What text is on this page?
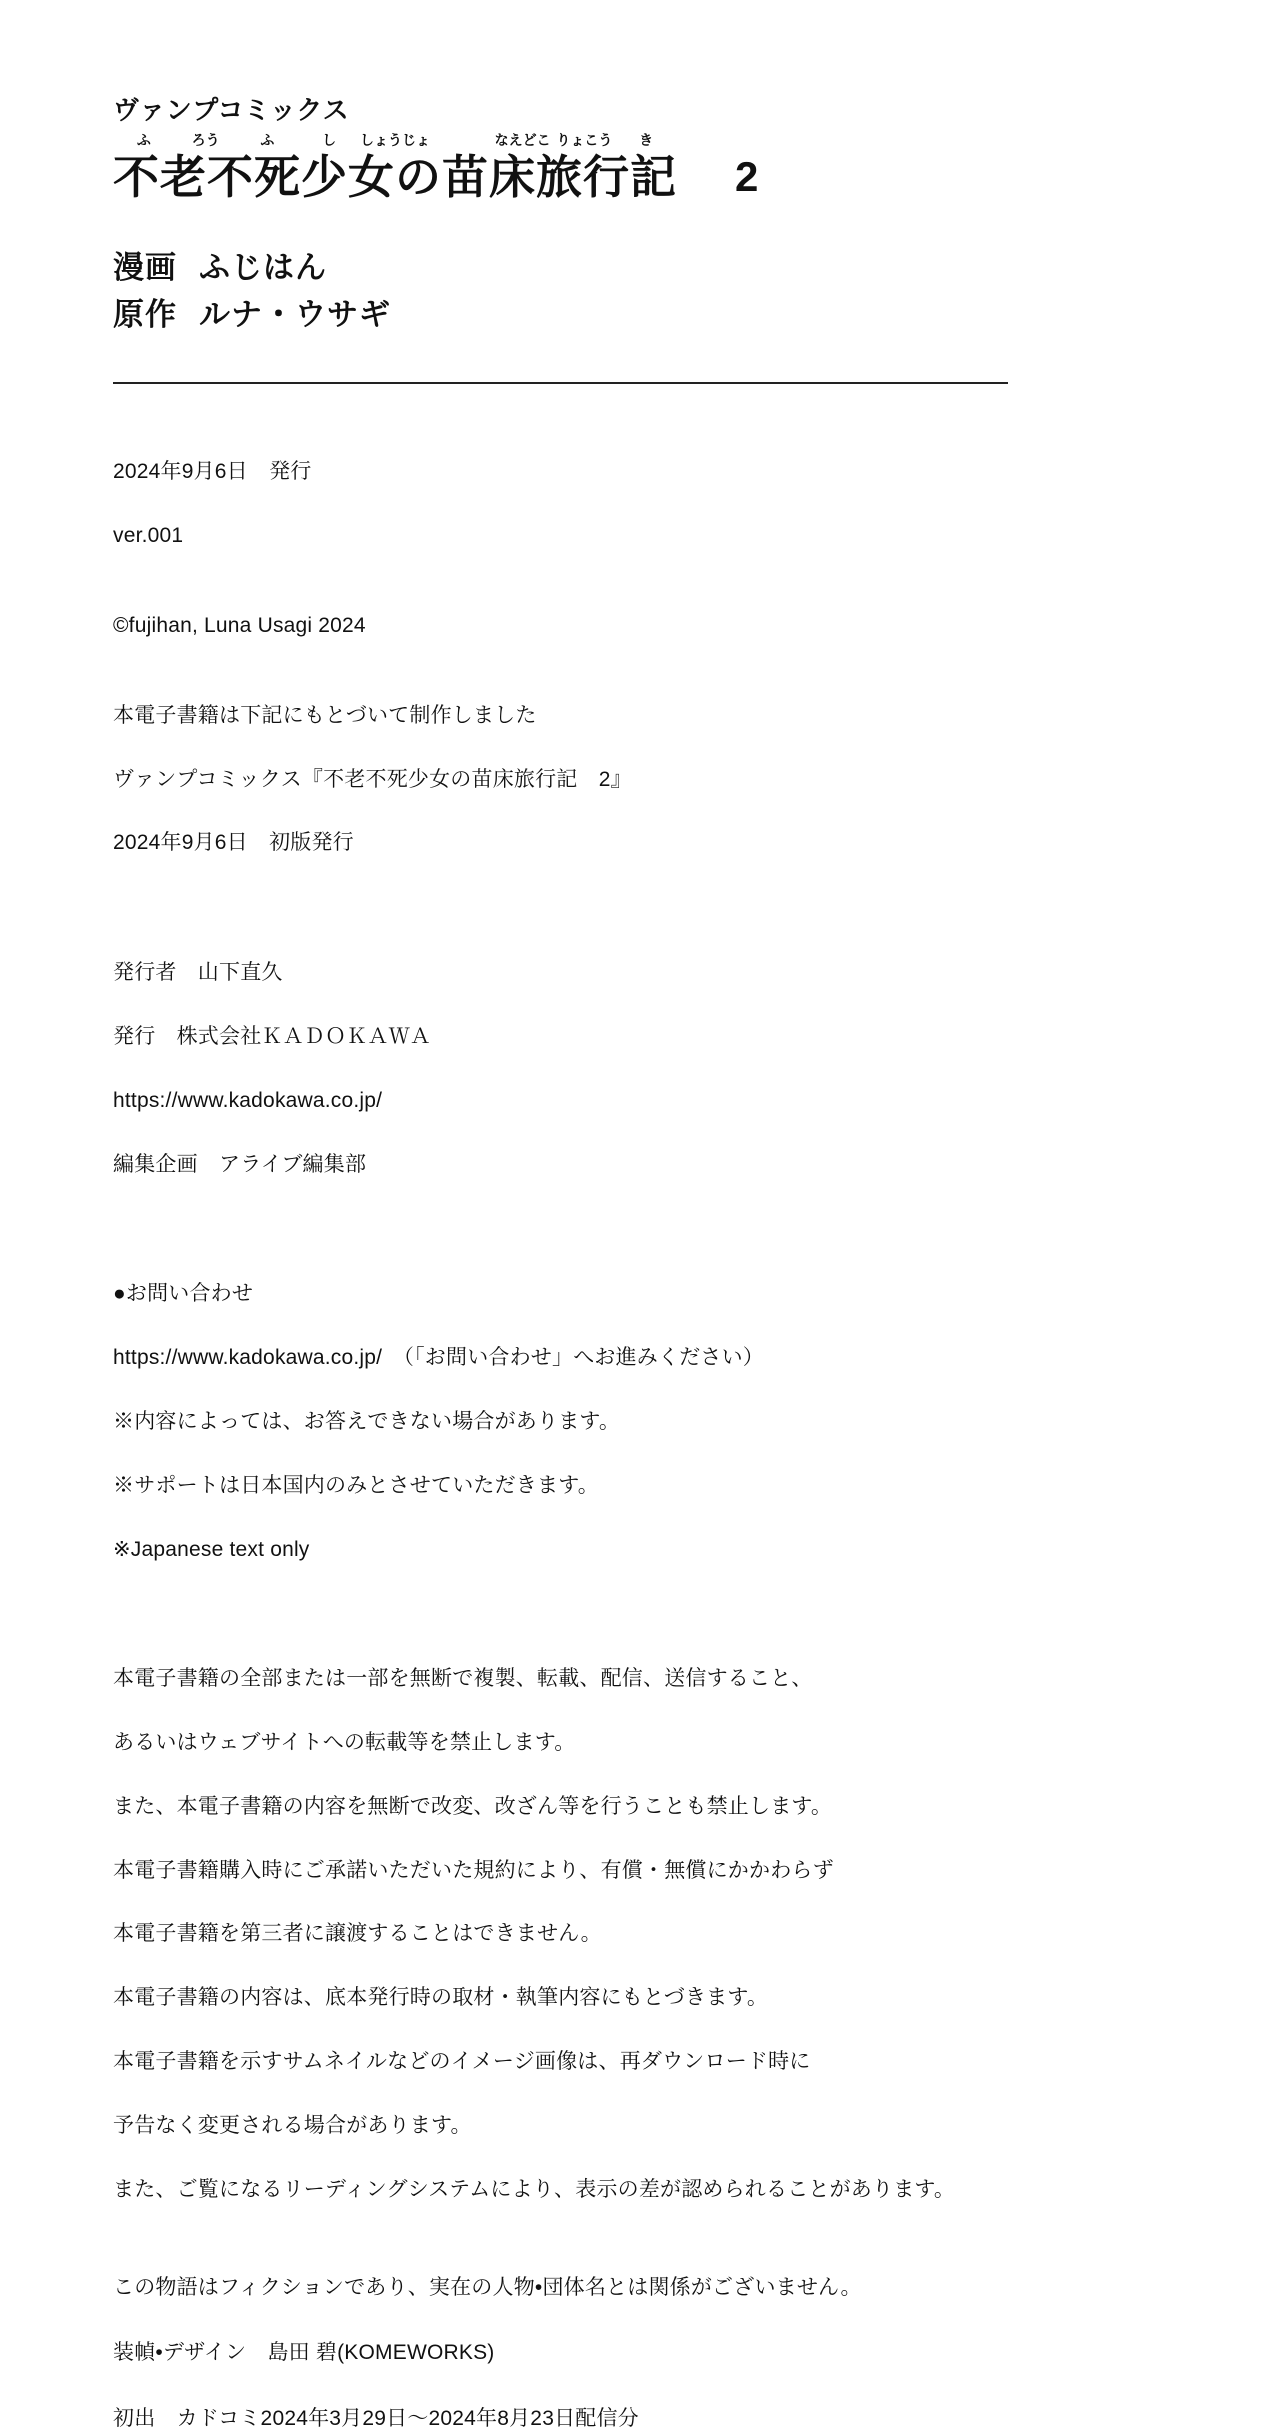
ヴァンプコミックス
ふ	ろう	ふ	し	しょうじょ	なえどこ りょこう	き
不老不死少女の苗床旅行記 2
漫画 ふじはん
原作 ルナ・ウサギ

2024年9月6日　発行

ver.001

©fujihan, Luna Usagi 2024

本電子書籍は下記にもとづいて制作しました

ヴァンプコミックス『不老不死少女の苗床旅行記　2』

2024年9月6日　初版発行

発行者　山下直久

発行　株式会社ＫＡＤＯＫＡＷＡ

https://www.kadokawa.co.jp/

編集企画　アライブ編集部

●お問い合わせ

https://www.kadokawa.co.jp/　（「お問い合わせ」へお進みください）

※内容によっては、お答えできない場合があります。

※サポートは日本国内のみとさせていただきます。

※Japanese text only

本電子書籍の全部または一部を無断で複製、転載、配信、送信すること、

あるいはウェブサイトへの転載等を禁止します。

また、本電子書籍の内容を無断で改変、改ざん等を行うことも禁止します。

本電子書籍購入時にご承諾いただいた規約により、有償・無償にかかわらず

本電子書籍を第三者に譲渡することはできません。

本電子書籍の内容は、底本発行時の取材・執筆内容にもとづきます。

本電子書籍を示すサムネイルなどのイメージ画像は、再ダウンロード時に

予告なく変更される場合があります。

また、ご覧になるリーディングシステムにより、表示の差が認められることがあります。

この物語はフィクションであり、実在の人物•団体名とは関係がございません。
装幀•デザイン　島田 碧(KOMEWORKS)
初出　カドコミ2024年3月29日〜2024年8月23日配信分
